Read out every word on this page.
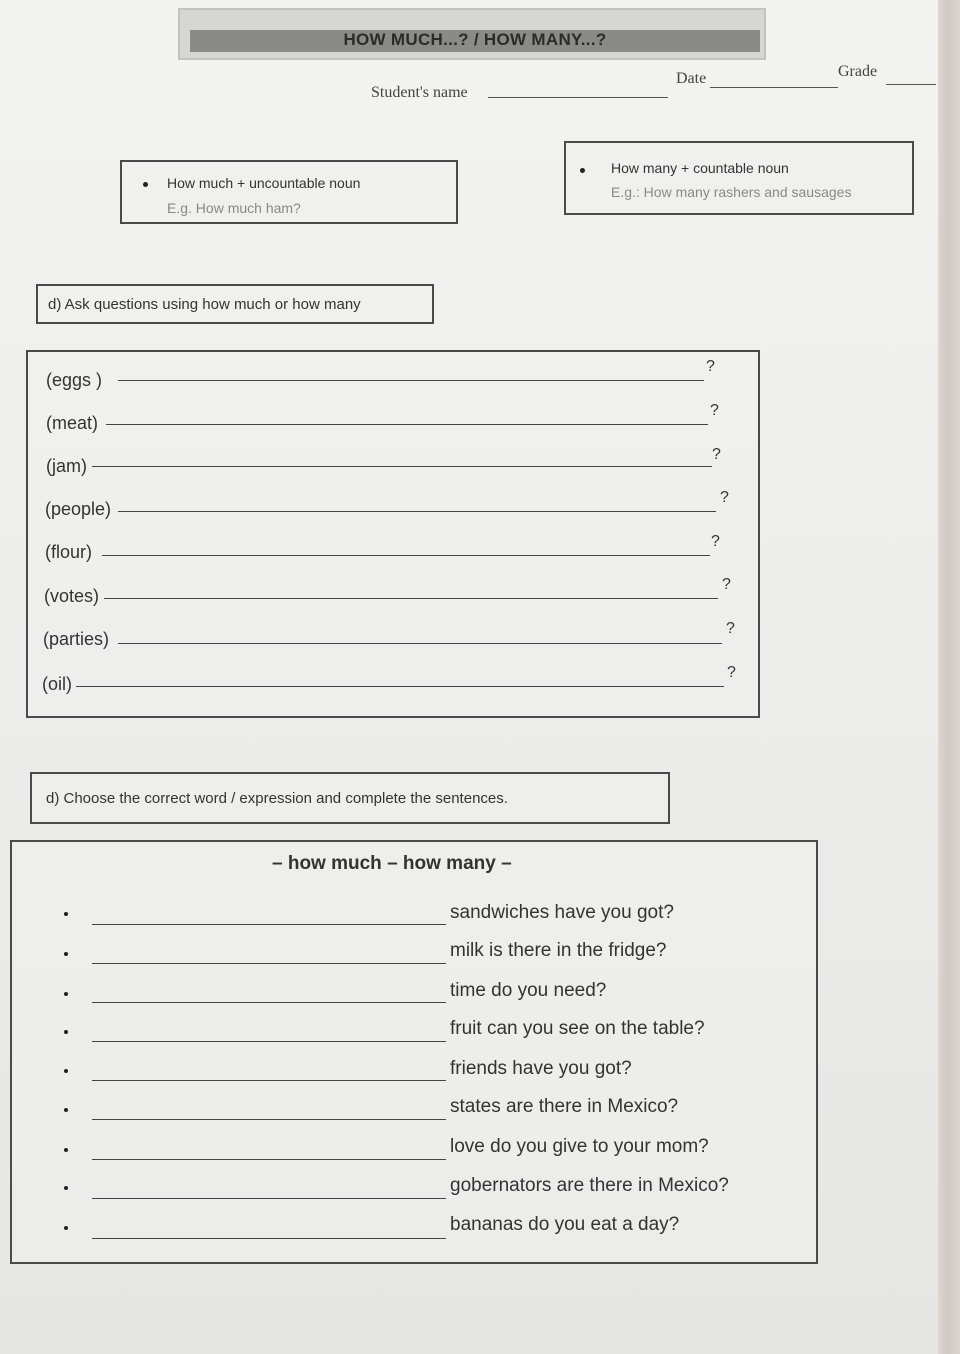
HOW MUCH...? / HOW MANY...?
Student's name
Date	Grade
How much + uncountable noun
E.g. How much ham?
How many + countable noun
E.g.: How many rashers and sausages
d) Ask questions using how much or how many
(eggs )
?
(meat)
?
(jam)
?
(people)
?
(flour)
?
(votes)
?
(parties)
?
(oil)
?
d) Choose the correct word / expression and complete the sentences.
– how much – how many –
sandwiches have you got?
milk is there in the fridge?
time do you need?
fruit can you see on the table?
friends have you got?
states are there in Mexico?
love do you give to your mom?
gobernators are there in Mexico?
bananas do you eat a day?
